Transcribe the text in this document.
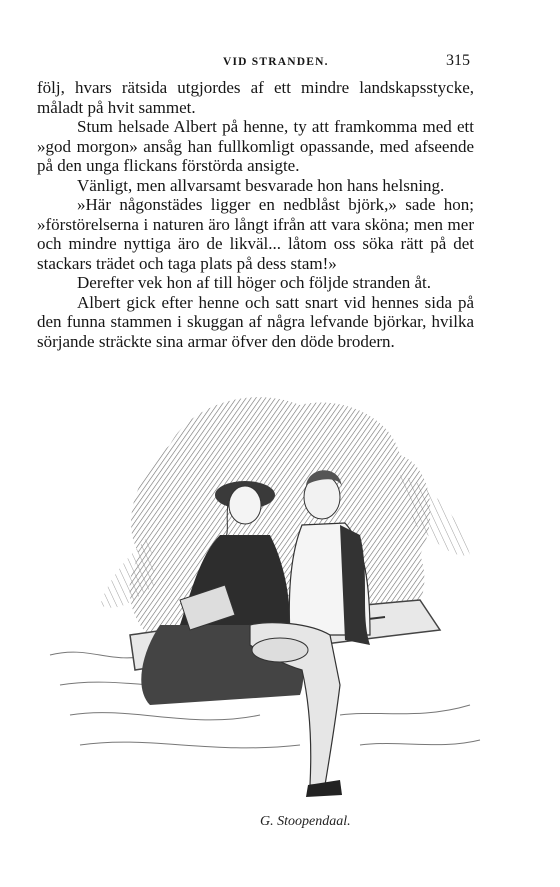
VID STRANDEN.	315

följ, hvars rätsida utgjordes af ett mindre landskapsstycke, måladt på hvit sammet.

Stum helsade Albert på henne, ty att framkomma med ett »god morgon» ansåg han fullkomligt opassande, med afseende på den unga flickans förstörda ansigte.

Vänligt, men allvarsamt besvarade hon hans helsning.

»Här någonstädes ligger en nedblåst björk,» sade hon; »förstörelserna i naturen äro långt ifrån att vara sköna; men mer och mindre nyttiga äro de likväl... låtom oss söka rätt på det stackars trädet och taga plats på dess stam!»

Derefter vek hon af till höger och följde stranden åt.

Albert gick efter henne och satt snart vid hennes sida på den funna stammen i skuggan af några lefvande björkar, hvilka sörjande sträckte sina armar öfver den döde brodern.

G. Stoopendaal.
